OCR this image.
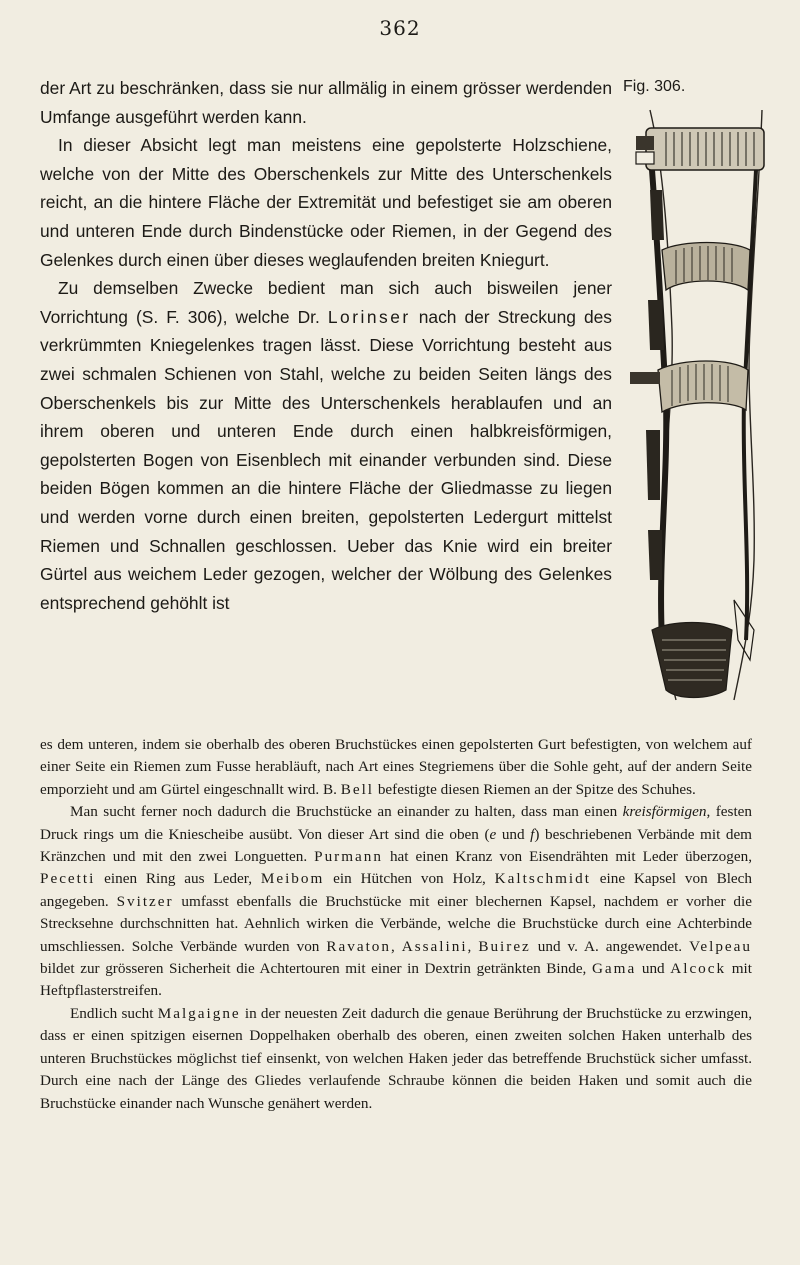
362

der Art zu beschränken, dass sie nur allmälig in einem grösser werdenden Umfange ausgeführt werden kann.

In dieser Absicht legt man meistens eine gepolsterte Holzschiene, welche von der Mitte des Oberschenkels zur Mitte des Unterschenkels reicht, an die hintere Fläche der Extremität und befestiget sie am oberen und unteren Ende durch Bindenstücke oder Riemen, in der Gegend des Gelenkes durch einen über dieses weglaufenden breiten Kniegurt.

Zu demselben Zwecke bedient man sich auch bisweilen jener Vorrichtung (S. F. 306), welche Dr. Lorinser nach der Streckung des verkrümmten Kniegelenkes tragen lässt. Diese Vorrichtung besteht aus zwei schmalen Schienen von Stahl, welche zu beiden Seiten längs des Oberschenkels bis zur Mitte des Unterschenkels herablaufen und an ihrem oberen und unteren Ende durch einen halbkreisförmigen, gepolsterten Bogen von Eisenblech mit einander verbunden sind. Diese beiden Bögen kommen an die hintere Fläche der Gliedmasse zu liegen und werden vorne durch einen breiten, gepolsterten Ledergurt mittelst Riemen und Schnallen geschlossen. Ueber das Knie wird ein breiter Gürtel aus weichem Leder gezogen, welcher der Wölbung des Gelenkes entsprechend gehöhlt ist

Fig. 306.

es dem unteren, indem sie oberhalb des oberen Bruchstückes einen gepolsterten Gurt befestigten, von welchem auf einer Seite ein Riemen zum Fusse herabläuft, nach Art eines Stegriemens über die Sohle geht, auf der andern Seite emporzieht und am Gürtel eingeschnallt wird. B. Bell befestigte diesen Riemen an der Spitze des Schuhes.

Man sucht ferner noch dadurch die Bruchstücke an einander zu halten, dass man einen kreisförmigen, festen Druck rings um die Kniescheibe ausübt. Von dieser Art sind die oben (e und f) beschriebenen Verbände mit dem Kränzchen und mit den zwei Longuetten. Purmann hat einen Kranz von Eisendrähten mit Leder überzogen, Pecetti einen Ring aus Leder, Meibom ein Hütchen von Holz, Kaltschmidt eine Kapsel von Blech angegeben. Svitzer umfasst ebenfalls die Bruchstücke mit einer blechernen Kapsel, nachdem er vorher die Strecksehne durchschnitten hat. Aehnlich wirken die Verbände, welche die Bruchstücke durch eine Achterbinde umschliessen. Solche Verbände wurden von Ravaton, Assalini, Buirez und v. A. angewendet. Velpeau bildet zur grösseren Sicherheit die Achtertouren mit einer in Dextrin getränkten Binde, Gama und Alcock mit Heftpflasterstreifen.

Endlich sucht Malgaigne in der neuesten Zeit dadurch die genaue Berührung der Bruchstücke zu erzwingen, dass er einen spitzigen eisernen Doppelhaken oberhalb des oberen, einen zweiten solchen Haken unterhalb des unteren Bruchstückes möglichst tief einsenkt, von welchen Haken jeder das betreffende Bruchstück sicher umfasst. Durch eine nach der Länge des Gliedes verlaufende Schraube können die beiden Haken und somit auch die Bruchstücke einander nach Wunsche genähert werden.
